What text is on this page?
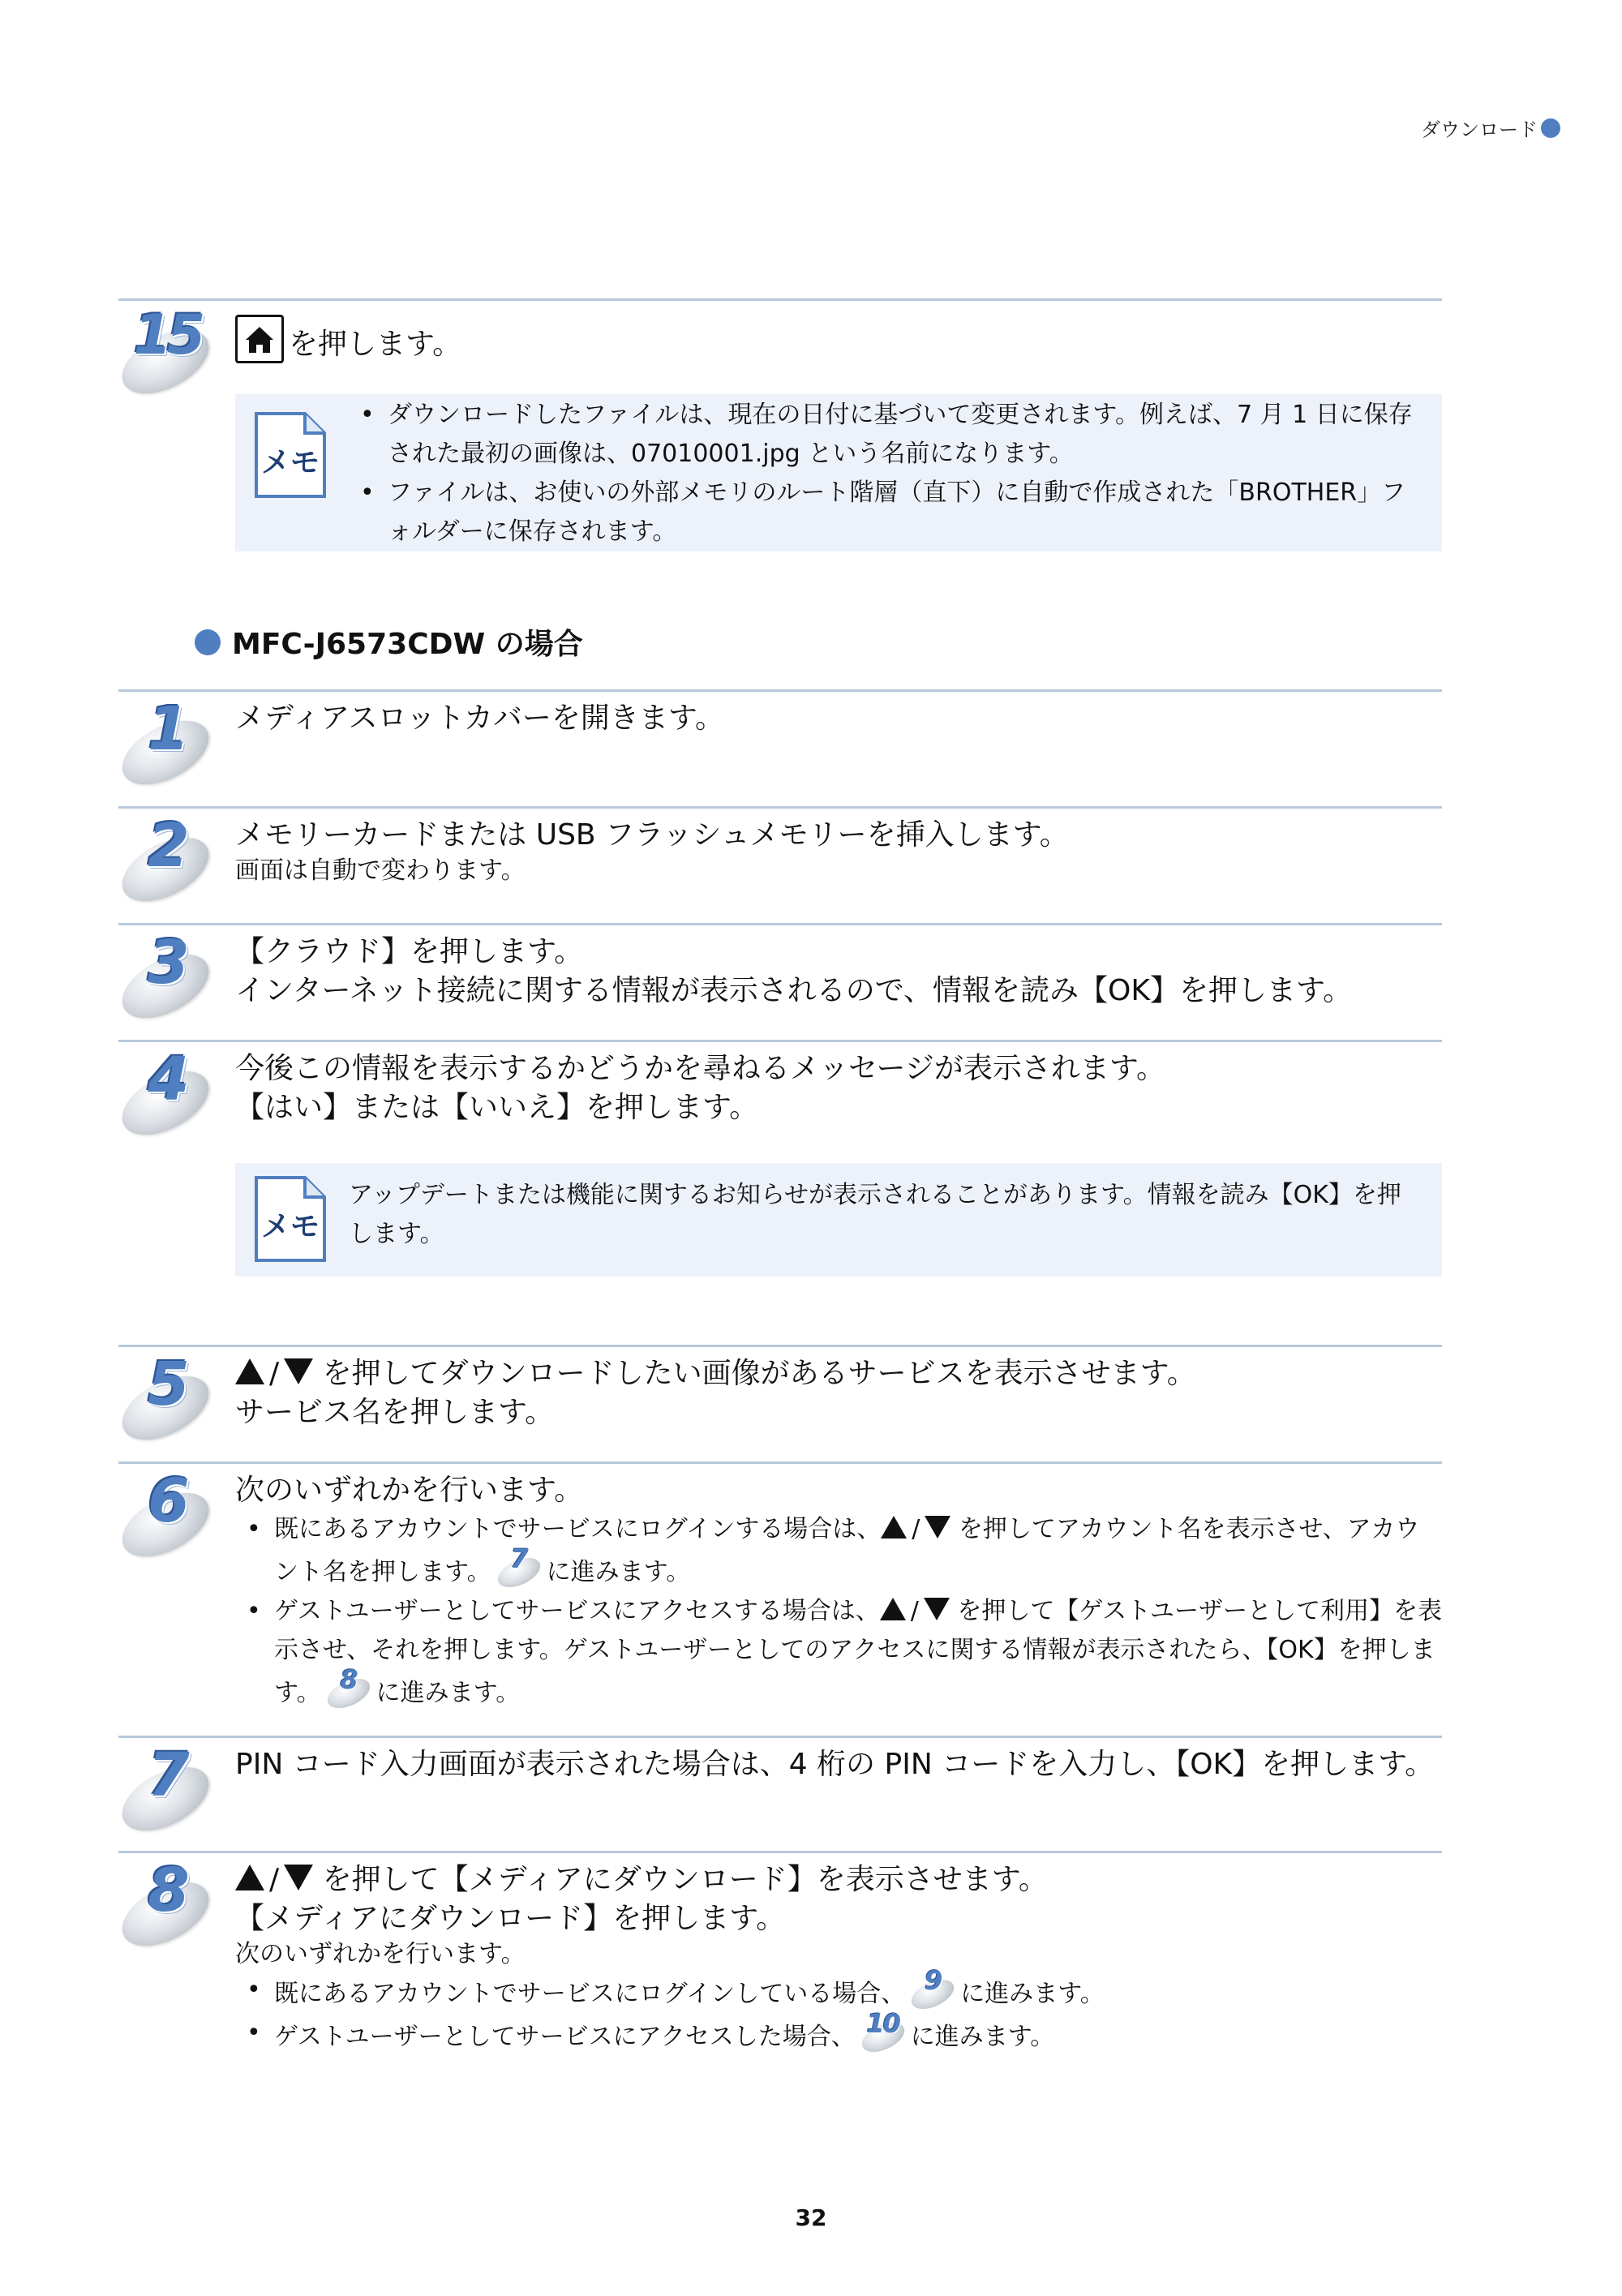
ダウンロード
15	を押します。
メモ
• ダウンロードしたファイルは、現在の日付に基づいて変更されます。例えば、7 月 1 日に保存された最初の画像は、07010001.jpg という名前になります。
• ファイルは、お使いの外部メモリのルート階層（直下）に自動で作成された「BROTHER」フォルダーに保存されます。
MFC-J6573CDW の場合
1	メディアスロットカバーを開きます。
2	メモリーカードまたは USB フラッシュメモリーを挿入します。
画面は自動で変わります。
3	【クラウド】を押します。
インターネット接続に関する情報が表示されるので、情報を読み【OK】を押します。
4	今後この情報を表示するかどうかを尋ねるメッセージが表示されます。
【はい】または【いいえ】を押します。
メモ
アップデートまたは機能に関するお知らせが表示されることがあります。情報を読み【OK】を押します。
5	/ を押してダウンロードしたい画像があるサービスを表示させます。
サービス名を押します。
6	次のいずれかを行います。
• 既にあるアカウントでサービスにログインする場合は、 / を押してアカウント名を表示させ、アカウント名を押します。 7 に進みます。
• ゲストユーザーとしてサービスにアクセスする場合は、 / を押して【ゲストユーザーとして利用】を表示させ、それを押します。ゲストユーザーとしてのアクセスに関する情報が表示されたら、【OK】を押します。 8 に進みます。
7	PIN コード入力画面が表示された場合は、4 桁の PIN コードを入力し、【OK】を押します。
8	/ を押して【メディアにダウンロード】を表示させます。
【メディアにダウンロード】を押します。
次のいずれかを行います。
• 既にあるアカウントでサービスにログインしている場合、 9 に進みます。
• ゲストユーザーとしてサービスにアクセスした場合、 10 に進みます。
32
